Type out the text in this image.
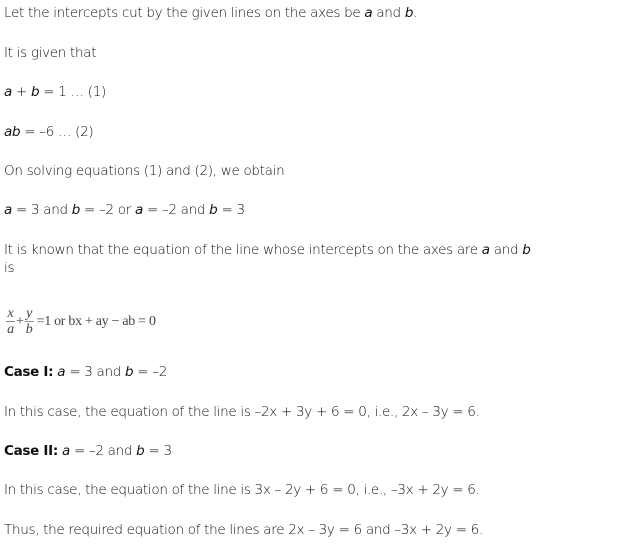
Let the intercepts cut by the given lines on the axes be a and b.
It is given that
a + b = 1 … (1)
ab = –6 … (2)
On solving equations (1) and (2), we obtain
a = 3 and b = –2 or a = –2 and b = 3
It is known that the equation of the line whose intercepts on the axes are a and b
is
$\frac{x}{a} + \frac{y}{b} =1$ or bx + ay − ab = 0
Case I: a = 3 and b = –2
In this case, the equation of the line is –2x + 3y + 6 = 0, i.e., 2x – 3y = 6.
Case II: a = –2 and b = 3
In this case, the equation of the line is 3x – 2y + 6 = 0, i.e., –3x + 2y = 6.
Thus, the required equation of the lines are 2x – 3y = 6 and –3x + 2y = 6.
